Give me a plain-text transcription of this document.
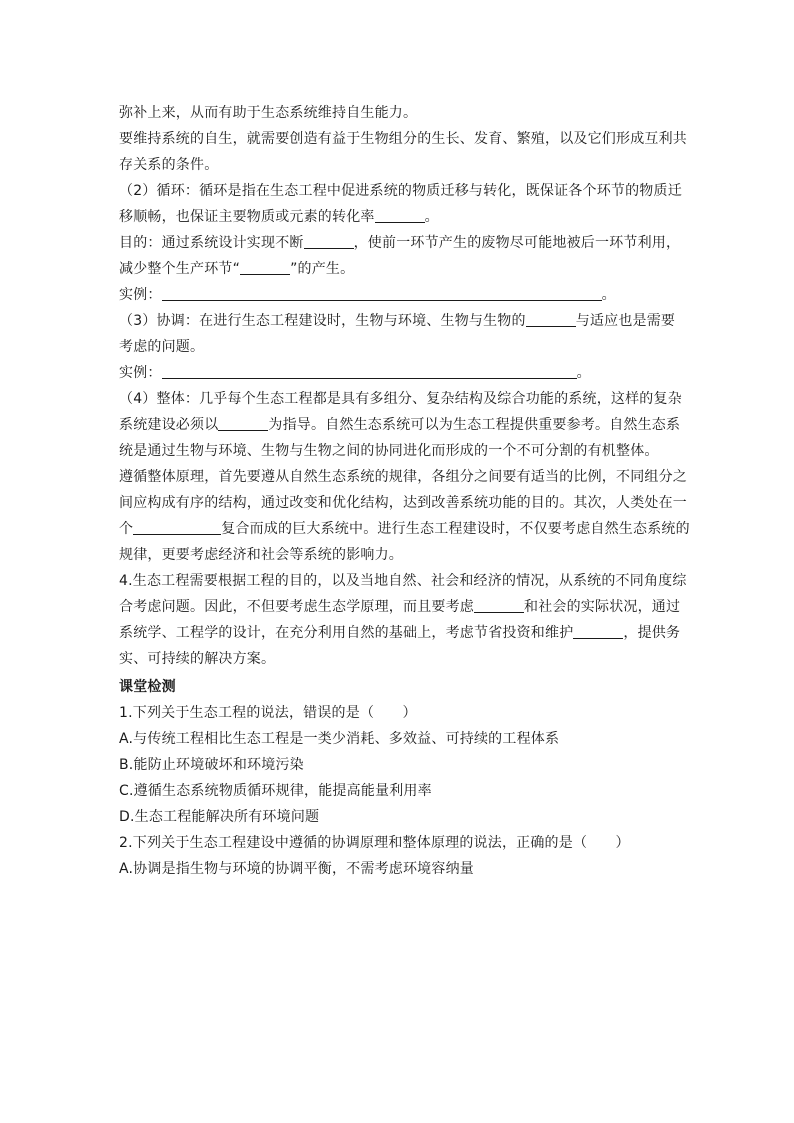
弥补上来，从而有助于生态系统维持自生能力。
要维持系统的自生，就需要创造有益于生物组分的生长、发育、繁殖，以及它们形成互利共
存关系的条件。
（2）循环：循环是指在生态工程中促进系统的物质迁移与转化，既保证各个环节的物质迁
移顺畅，也保证主要物质或元素的转化率	。
目的：通过系统设计实现不断	，使前一环节产生的废物尽可能地被后一环节利用，
减少整个生产环节“	”的产生。
实例：	。
（3）协调：在进行生态工程建设时，生物与环境、生物与生物的	与适应也是需要
考虑的问题。
实例：	。
（4）整体：几乎每个生态工程都是具有多组分、复杂结构及综合功能的系统，这样的复杂
系统建设必须以	为指导。自然生态系统可以为生态工程提供重要参考。自然生态系
统是通过生物与环境、生物与生物之间的协同进化而形成的一个不可分割的有机整体。
遵循整体原理，首先要遵从自然生态系统的规律，各组分之间要有适当的比例，不同组分之
间应构成有序的结构，通过改变和优化结构，达到改善系统功能的目的。其次，人类处在一
个	复合而成的巨大系统中。进行生态工程建设时，不仅要考虑自然生态系统的
规律，更要考虑经济和社会等系统的影响力。
4.生态工程需要根据工程的目的，以及当地自然、社会和经济的情况，从系统的不同角度综
合考虑问题。因此，不但要考虑生态学原理，而且要考虑	和社会的实际状况，通过
系统学、工程学的设计，在充分利用自然的基础上，考虑节省投资和维护	，提供务
实、可持续的解决方案。
课堂检测
1.下列关于生态工程的说法，错误的是（　　）
A.与传统工程相比生态工程是一类少消耗、多效益、可持续的工程体系
B.能防止环境破坏和环境污染
C.遵循生态系统物质循环规律，能提高能量利用率
D.生态工程能解决所有环境问题
2.下列关于生态工程建设中遵循的协调原理和整体原理的说法，正确的是（　　）
A.协调是指生物与环境的协调平衡，不需考虑环境容纳量
